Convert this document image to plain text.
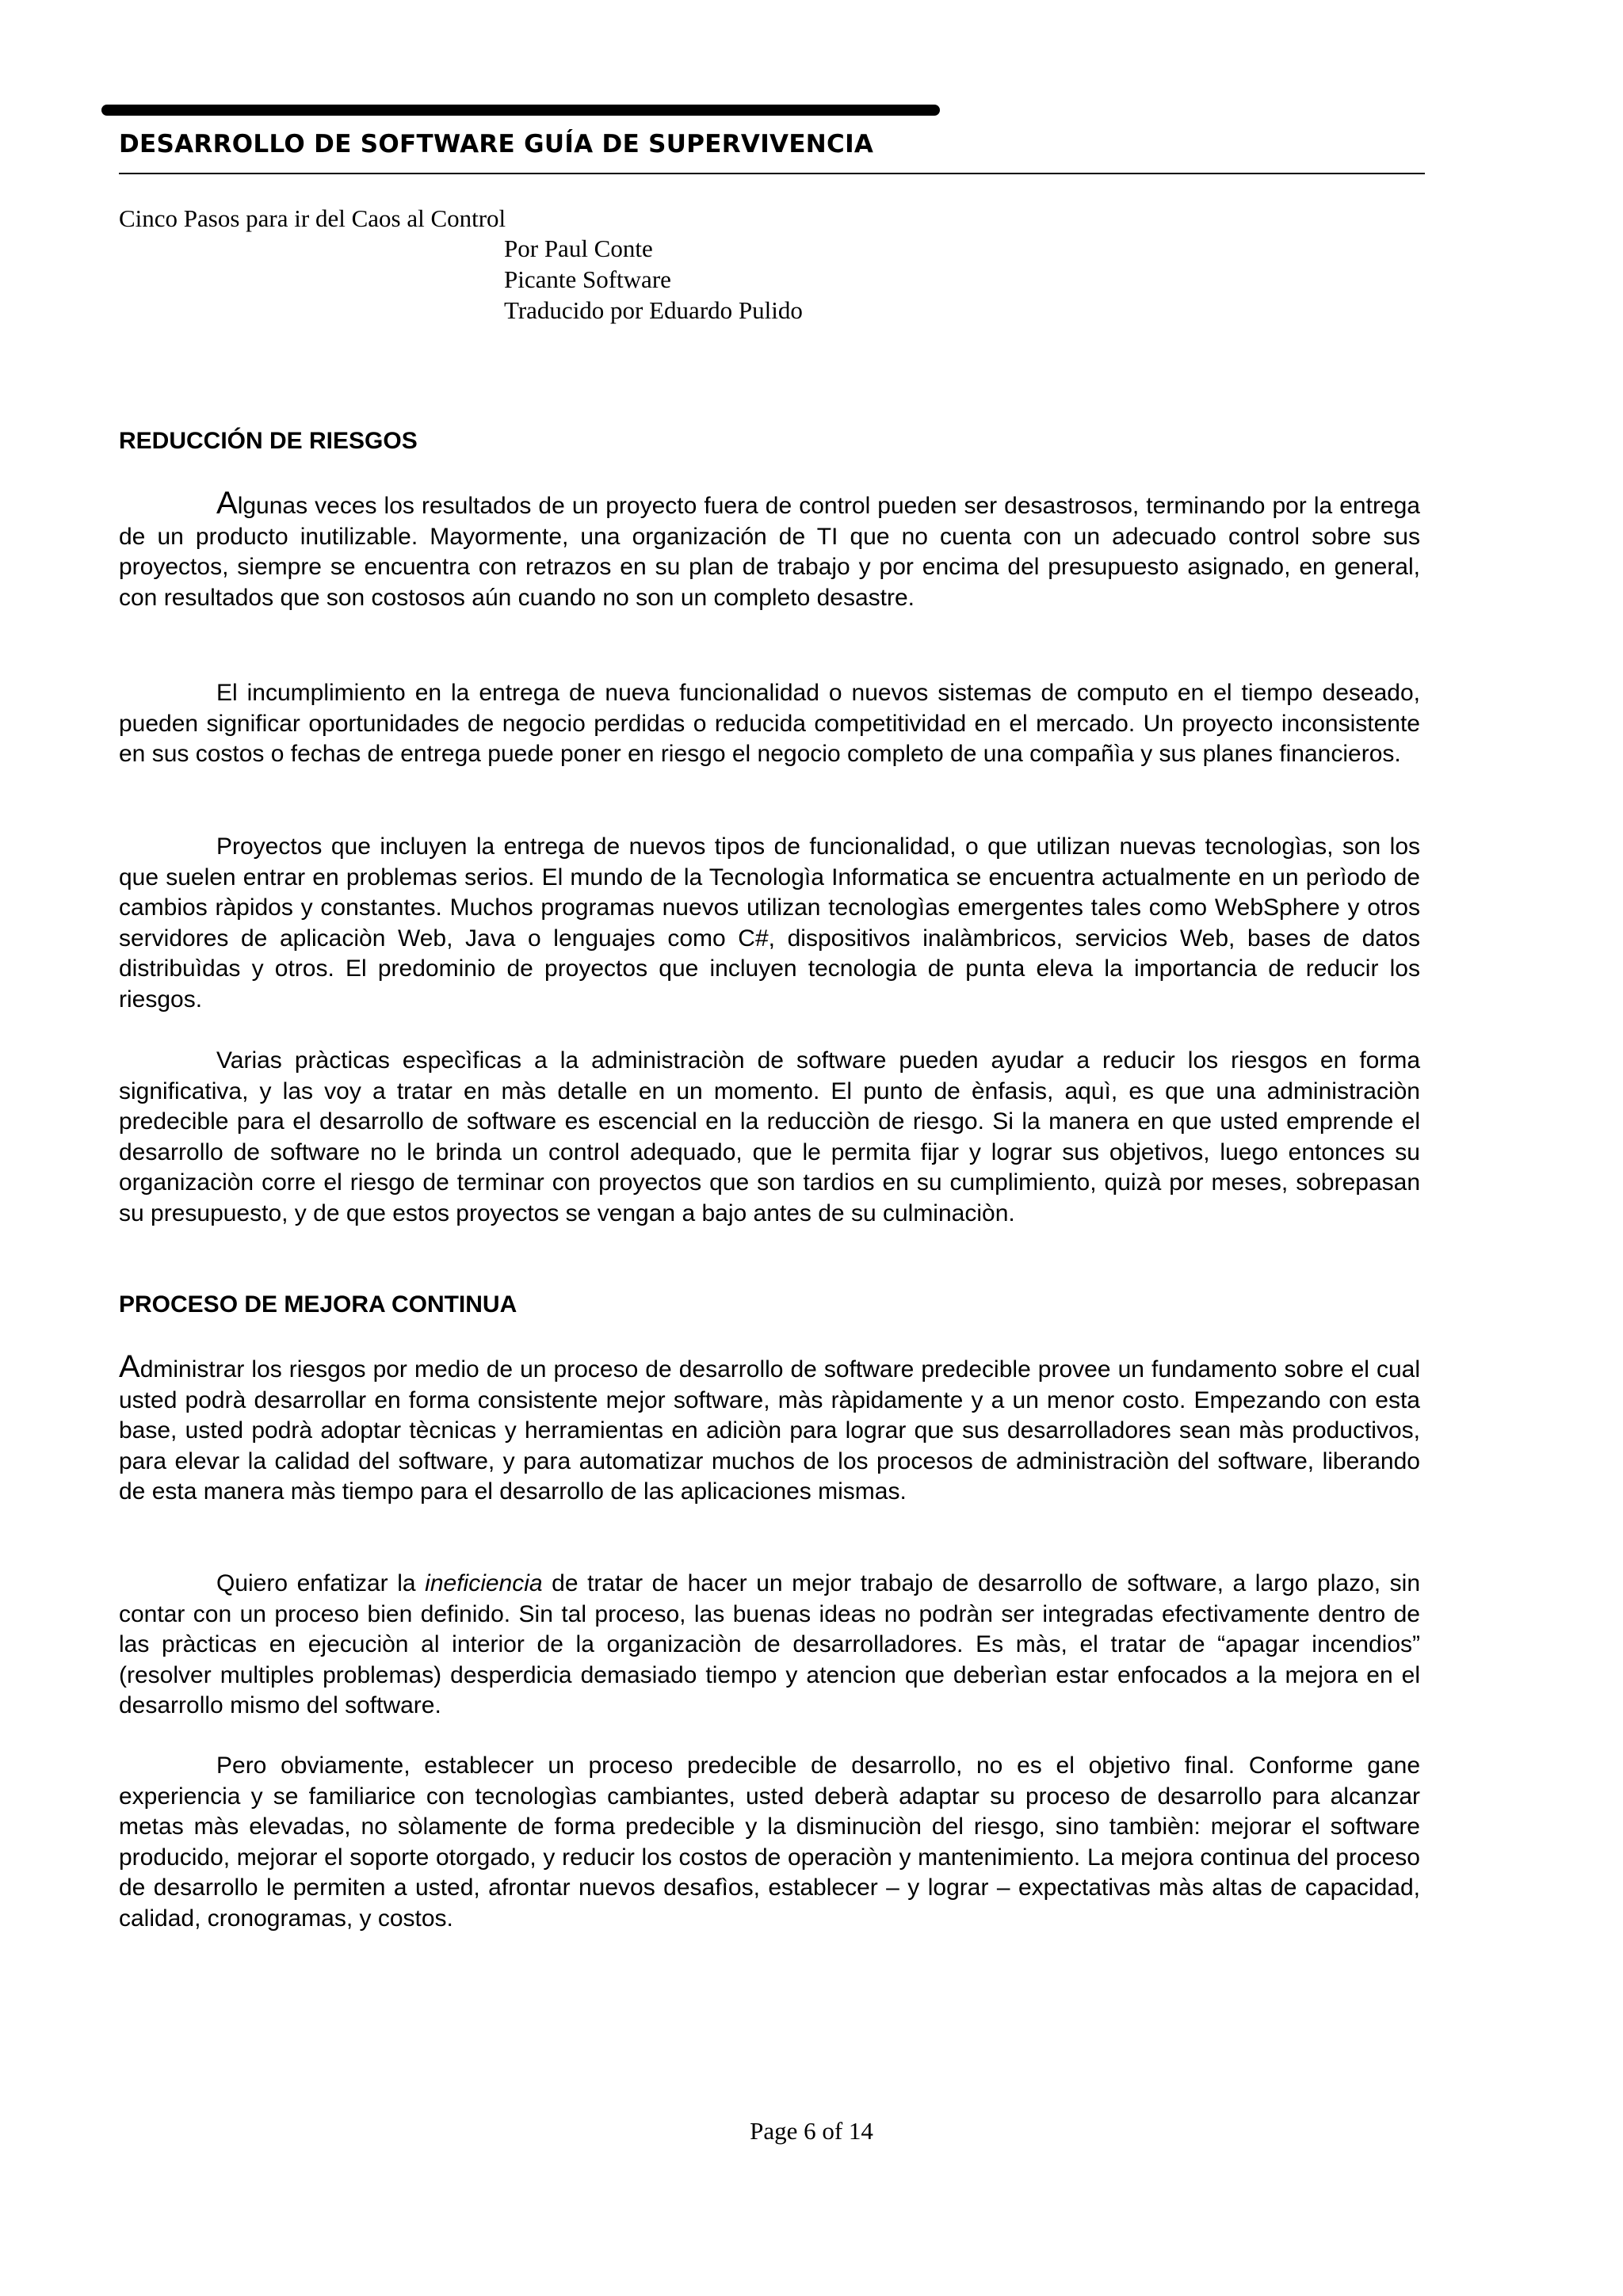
DESARROLLO DE SOFTWARE GUÍA DE SUPERVIVENCIA
Cinco Pasos para ir del Caos al Control
Por Paul Conte
Picante Software
Traducido por Eduardo Pulido
REDUCCIÓN DE RIESGOS

Algunas veces los resultados de un proyecto fuera de control pueden ser desastrosos, terminando por la entrega de un producto inutilizable. Mayormente, una organización de TI que no cuenta con un adecuado control sobre sus proyectos, siempre se encuentra con retrazos en su plan de trabajo y por encima del presupuesto asignado, en general, con resultados que son costosos aún cuando no son un completo desastre.

El incumplimiento en la entrega de nueva funcionalidad o nuevos sistemas de computo en el tiempo deseado, pueden significar oportunidades de negocio perdidas o reducida competitividad en el mercado. Un proyecto inconsistente en sus costos o fechas de entrega puede poner en riesgo el negocio completo de una compañìa y sus planes financieros.

Proyectos que incluyen la entrega de nuevos tipos de funcionalidad, o que utilizan nuevas tecnologìas, son los que suelen entrar en problemas serios. El mundo de la Tecnologìa Informatica se encuentra actualmente en un perìodo de cambios ràpidos y constantes. Muchos programas nuevos utilizan tecnologìas emergentes tales como WebSphere y otros servidores de aplicaciòn Web, Java o lenguajes como C#, dispositivos inalàmbricos, servicios Web, bases de datos distribuìdas y otros. El predominio de proyectos que incluyen tecnologia de punta eleva la importancia de reducir los riesgos.

Varias pràcticas especìficas a la administraciòn de software pueden ayudar a reducir los riesgos en forma significativa, y las voy a tratar en màs detalle en un momento. El punto de ènfasis, aquì, es que una administraciòn predecible para el desarrollo de software es escencial en la reducciòn de riesgo. Si la manera en que usted emprende el desarrollo de software no le brinda un control adequado, que le permita fijar y lograr sus objetivos, luego entonces su organizaciòn corre el riesgo de terminar con proyectos que son tardios en su cumplimiento, quizà por meses, sobrepasan su presupuesto, y de que estos proyectos se vengan a bajo antes de su culminaciòn.

PROCESO DE MEJORA CONTINUA

Administrar los riesgos por medio de un proceso de desarrollo de software predecible provee un fundamento sobre el cual usted podrà desarrollar en forma consistente mejor software, màs ràpidamente y a un menor costo. Empezando con esta base, usted podrà adoptar tècnicas y herramientas en adiciòn para lograr que sus desarrolladores sean màs productivos, para elevar la calidad del software, y para automatizar muchos de los procesos de administraciòn del software, liberando de esta manera màs tiempo para el desarrollo de las aplicaciones mismas.

Quiero enfatizar la ineficiencia de tratar de hacer un mejor trabajo de desarrollo de software, a largo plazo, sin contar con un proceso bien definido. Sin tal proceso, las buenas ideas no podràn ser integradas efectivamente dentro de las pràcticas en ejecuciòn al interior de la organizaciòn de desarrolladores. Es màs, el tratar de “apagar incendios” (resolver multiples problemas) desperdicia demasiado tiempo y atencion que deberìan estar enfocados a la mejora en el desarrollo mismo del software.

Pero obviamente, establecer un proceso predecible de desarrollo, no es el objetivo final. Conforme gane experiencia y se familiarice con tecnologìas cambiantes, usted deberà adaptar su proceso de desarrollo para alcanzar metas màs elevadas, no sòlamente de forma predecible y la disminuciòn del riesgo, sino tambièn: mejorar el software producido, mejorar el soporte otorgado, y reducir los costos de operaciòn y mantenimiento. La mejora continua del proceso de desarrollo le permiten a usted, afrontar nuevos desafìos, establecer – y lograr – expectativas màs altas de capacidad, calidad, cronogramas, y costos.

Page 6 of 14
